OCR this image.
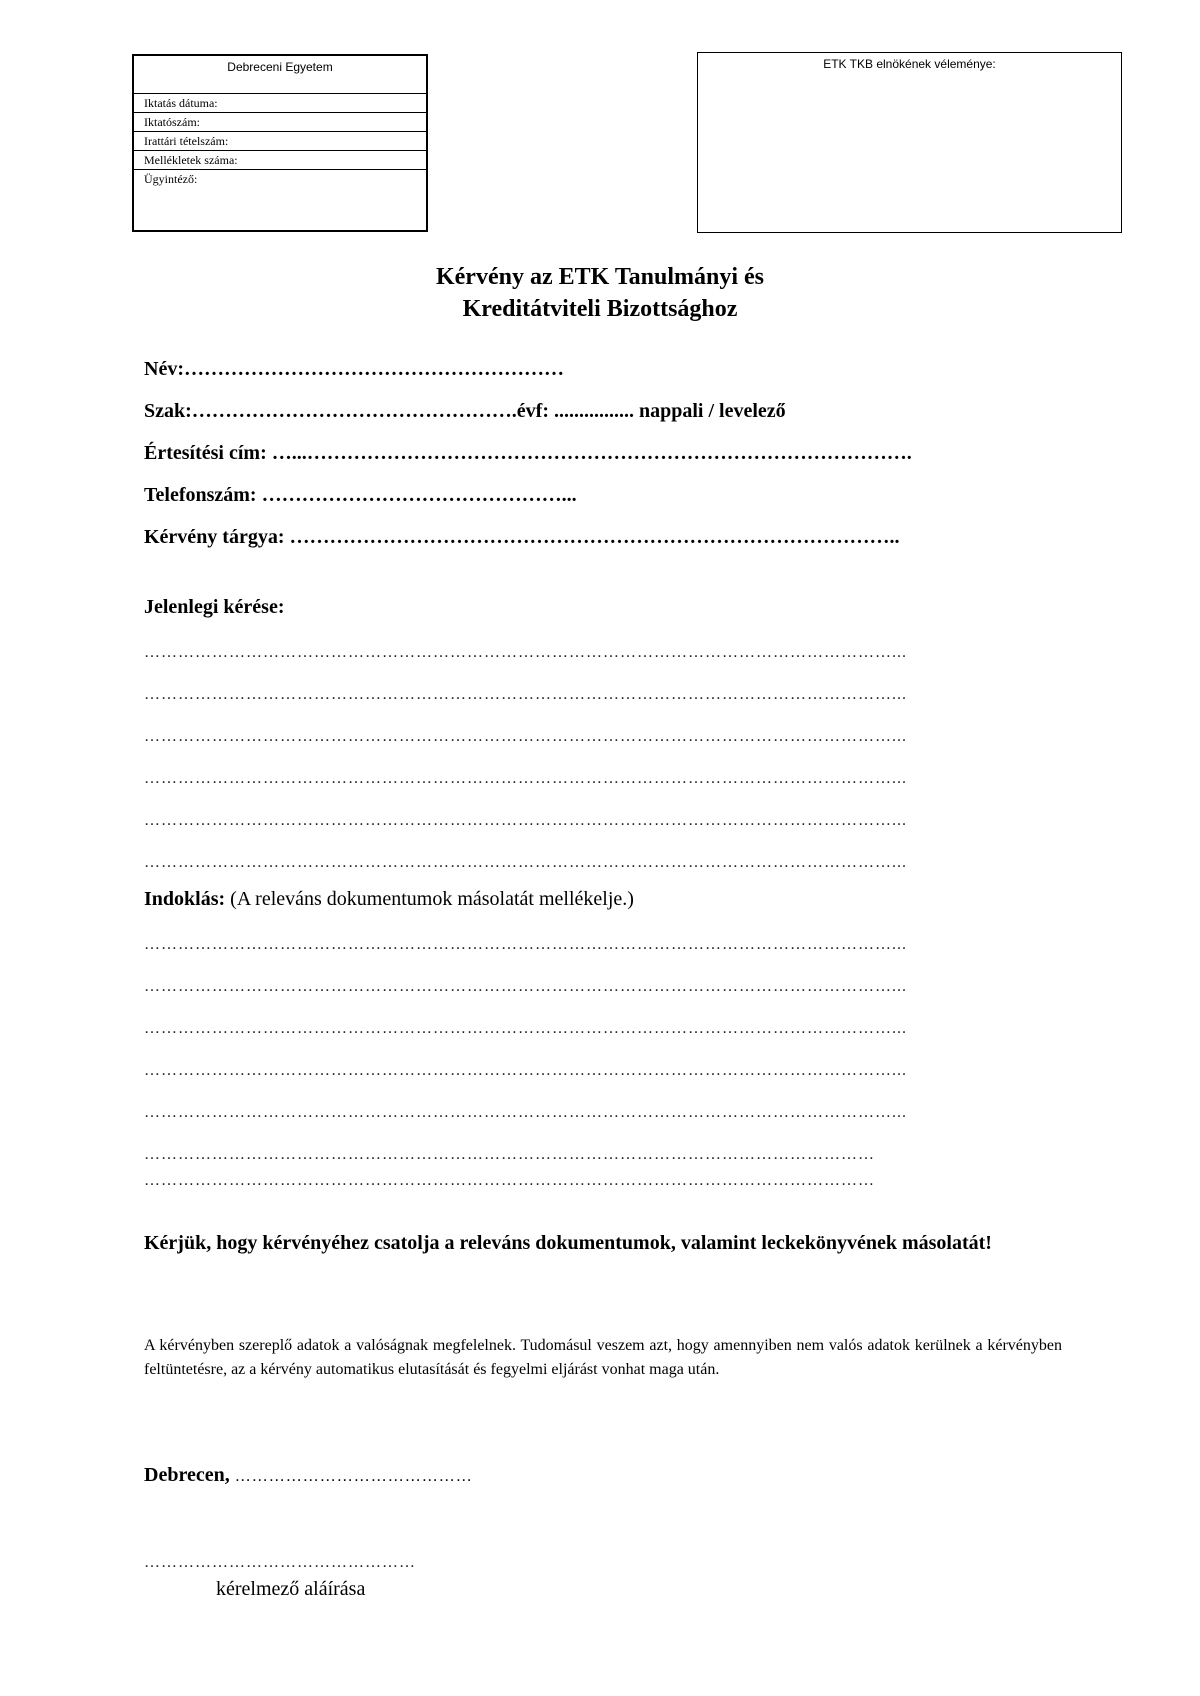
Debreceni Egyetem
Iktatás dátuma:
Iktatószám:
Irattári tételszám:
Mellékletek száma:
Ügyintéző:
ETK TKB elnökének véleménye:
Kérvény az ETK Tanulmányi és
Kreditátviteli Bizottsághoz
Név:…………………………………………………
Szak:………………………………………….évf: ................ nappali / levelező
Értesítési cím: …...……………………………………………………………………………….
Telefonszám: ………………………………………...
Kérvény tárgya: ………………………………………………………………………………..
Jelenlegi kérése:
……………………………………………………………………………………………………………………...
……………………………………………………………………………………………………………………...
……………………………………………………………………………………………………………………...
……………………………………………………………………………………………………………………...
……………………………………………………………………………………………………………………...
……………………………………………………………………………………………………………………...
Indoklás: (A releváns dokumentumok másolatát mellékelje.)
……………………………………………………………………………………………………………………...
……………………………………………………………………………………………………………………...
……………………………………………………………………………………………………………………...
……………………………………………………………………………………………………………………...
……………………………………………………………………………………………………………………...
…………………………………………………………………………………………………………………
…………………………………………………………………………………………………………………
Kérjük, hogy kérvényéhez csatolja a releváns dokumentumok, valamint leckekönyvének másolatát!
A kérvényben szereplő adatok a valóságnak megfelelnek. Tudomásul veszem azt, hogy amennyiben nem valós adatok kerülnek a kérvényben feltüntetésre, az a kérvény automatikus elutasítását és fegyelmi eljárást vonhat maga után.
Debrecen, ……………………………………
…………………………………………
kérelmező aláírása
